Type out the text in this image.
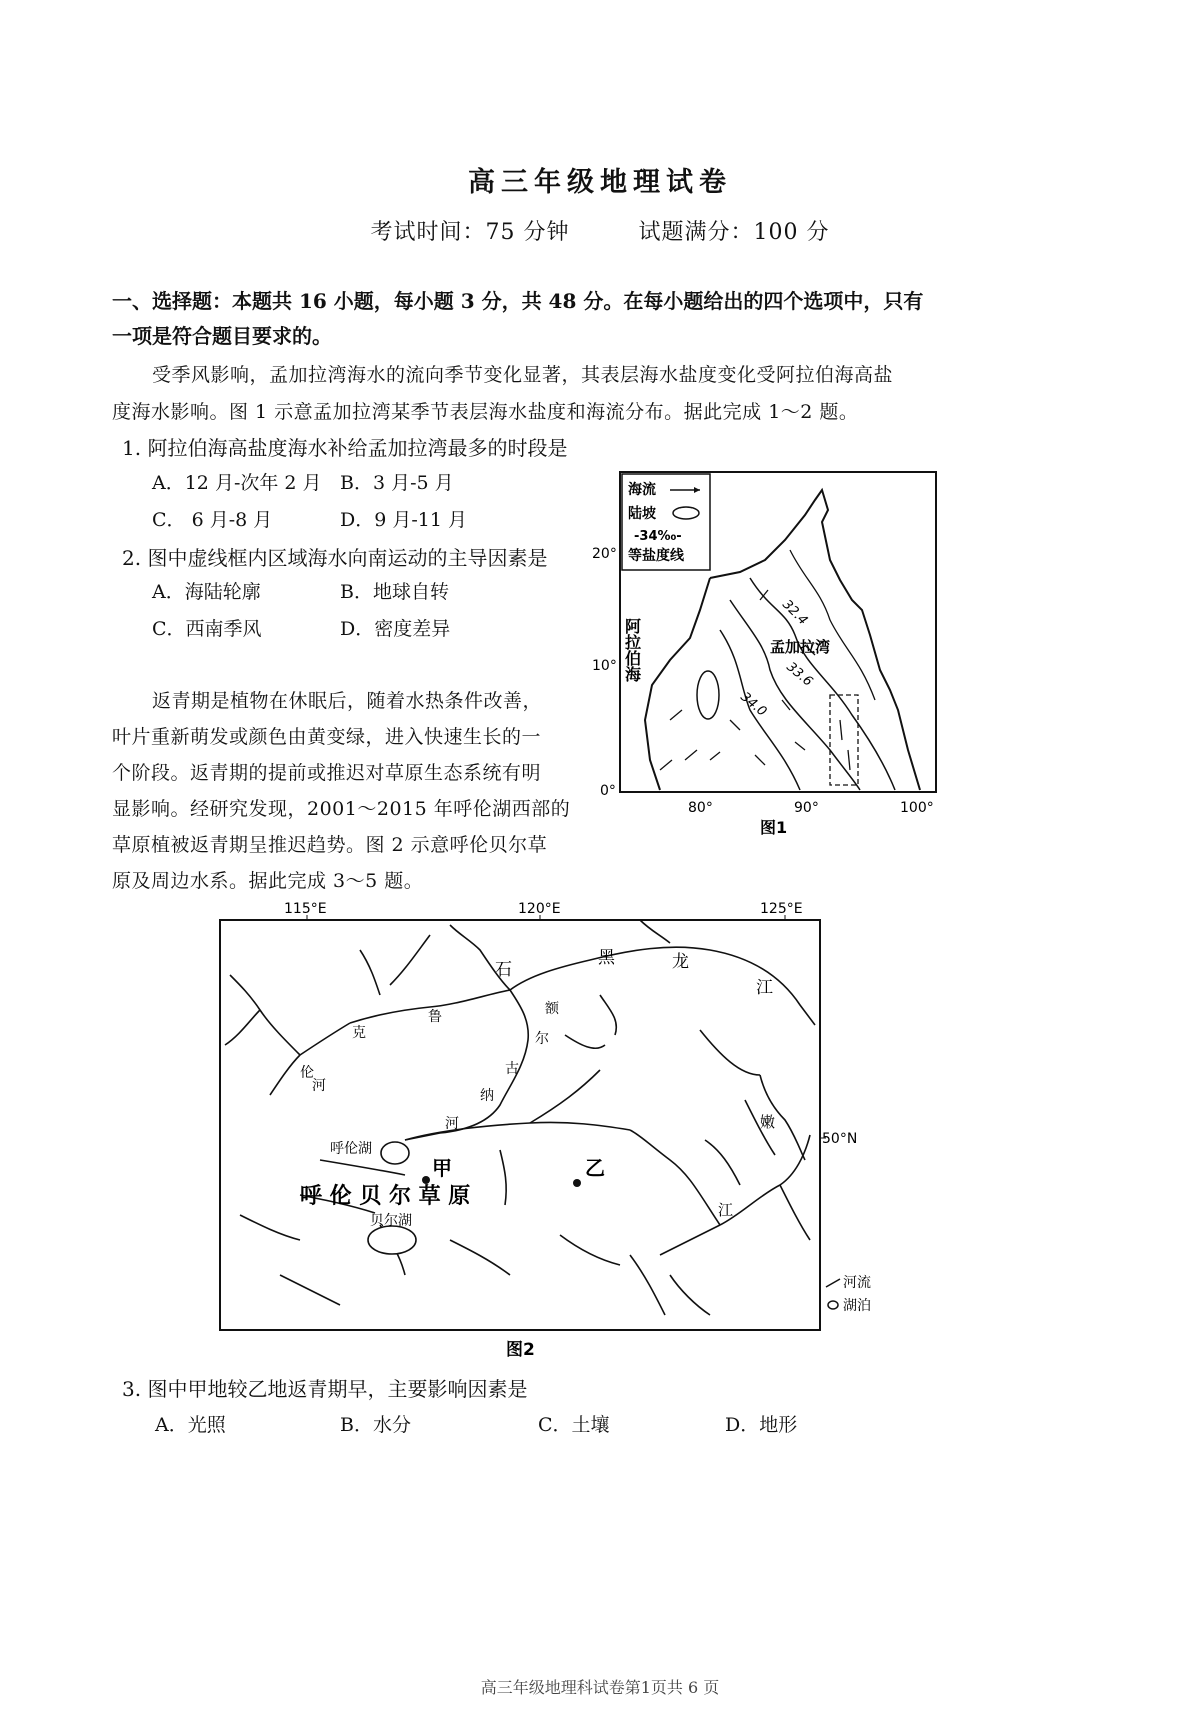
高三年级地理试卷
考试时间：75 分钟　　　试题满分：100 分
一、选择题：本题共 16 小题，每小题 3 分，共 48 分。在每小题给出的四个选项中，只有
一项是符合题目要求的。
受季风影响，孟加拉湾海水的流向季节变化显著，其表层海水盐度变化受阿拉伯海高盐
度海水影响。图 1 示意孟加拉湾某季节表层海水盐度和海流分布。据此完成 1～2 题。
1. 阿拉伯海高盐度海水补给孟加拉湾最多的时段是
A．12 月-次年 2 月 B．3 月-5 月
C． 6 月-8 月	D．9 月-11 月
2. 图中虚线框内区域海水向南运动的主导因素是
A．海陆轮廓	B．地球自转
C．西南季风	D．密度差异
返青期是植物在休眠后，随着水热条件改善，
叶片重新萌发或颜色由黄变绿，进入快速生长的一
个阶段。返青期的提前或推迟对草原生态系统有明
显影响。经研究发现，2001～2015 年呼伦湖西部的
草原植被返青期呈推迟趋势。图 2 示意呼伦贝尔草
原及周边水系。据此完成 3～5 题。
海流
陆坡
-34‰-
等盐度线
阿拉伯海	孟加拉湾
32.4
33.6
34.0
20°
10°
0°
80°	90°	100°
图1
115°E	120°E	125°E
50°N
石
黑	龙
江
额
尔
古
纳
河
克
鲁
伦
河
嫩
江
呼伦湖
贝尔湖
呼 伦 贝 尔 草 原
甲	乙
河流
湖泊
图2
3. 图中甲地较乙地返青期早，主要影响因素是
A．光照	B．水分	C．土壤	D．地形
高三年级地理科试卷第1页共 6 页
